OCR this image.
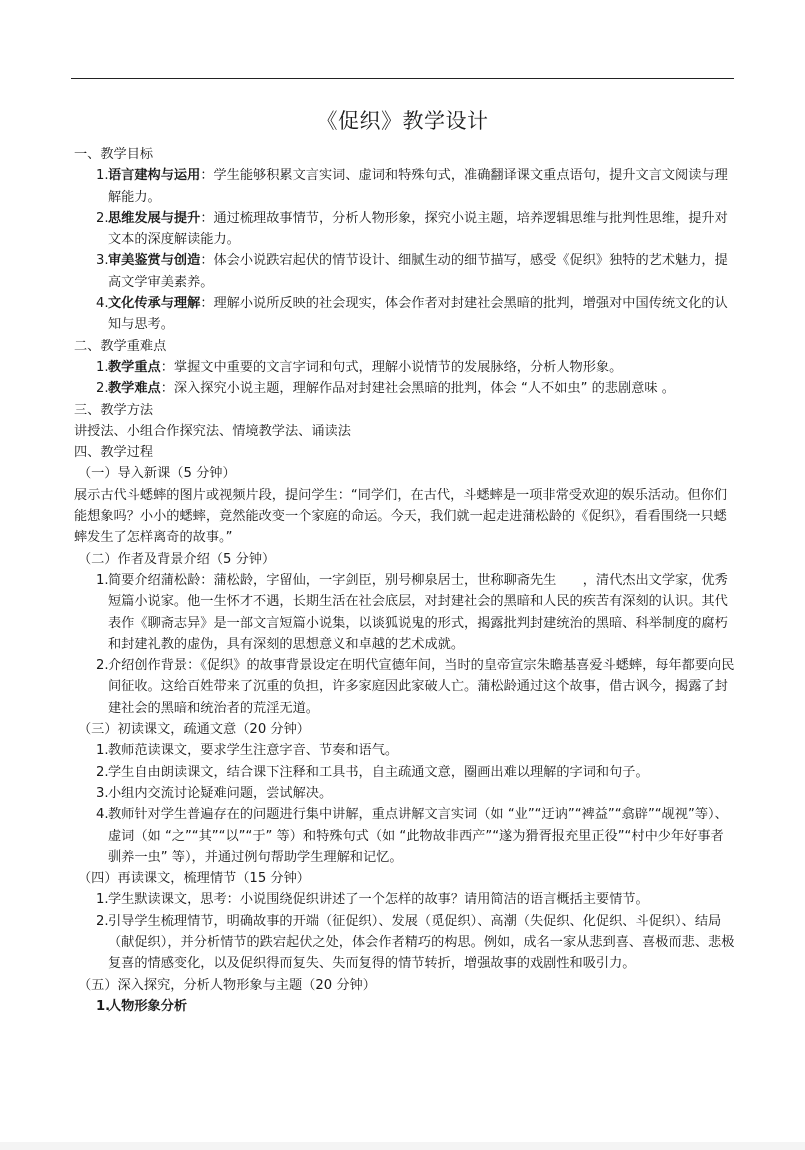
《促织》教学设计

一、教学目标

1. 语言建构与运用：学生能够积累文言实词、虚词和特殊句式，准确翻译课文重点语句，提升文言文阅读与理解能力。

2. 思维发展与提升：通过梳理故事情节，分析人物形象，探究小说主题，培养逻辑思维与批判性思维，提升对文本的深度解读能力。

3. 审美鉴赏与创造：体会小说跌宕起伏的情节设计、细腻生动的细节描写，感受《促织》独特的艺术魅力，提高文学审美素养。

4. 文化传承与理解：理解小说所反映的社会现实，体会作者对封建社会黑暗的批判，增强对中国传统文化的认知与思考。

二、教学重难点

1. 教学重点：掌握文中重要的文言字词和句式，理解小说情节的发展脉络，分析人物形象。

2. 教学难点：深入探究小说主题，理解作品对封建社会黑暗的批判，体会 “人不如虫” 的悲剧意味 。

三、教学方法

讲授法、小组合作探究法、情境教学法、诵读法

四、教学过程

（一）导入新课（5 分钟）

展示古代斗蟋蟀的图片或视频片段，提问学生：“同学们，在古代，斗蟋蟀是一项非常受欢迎的娱乐活动。但你们能想象吗？小小的蟋蟀，竟然能改变一个家庭的命运。今天，我们就一起走进蒲松龄的《促织》，看看围绕一只蟋蟀发生了怎样离奇的故事。”

（二）作者及背景介绍（5 分钟）

1. 简要介绍蒲松龄：蒲松龄，字留仙，一字剑臣，别号柳泉居士，世称聊斋先生　　，清代杰出文学家，优秀短篇小说家。他一生怀才不遇，长期生活在社会底层，对封建社会的黑暗和人民的疾苦有深刻的认识。其代表作《聊斋志异》是一部文言短篇小说集，以谈狐说鬼的形式，揭露批判封建统治的黑暗、科举制度的腐朽和封建礼教的虚伪，具有深刻的思想意义和卓越的艺术成就。

2. 介绍创作背景：《促织》的故事背景设定在明代宣德年间，当时的皇帝宣宗朱瞻基喜爱斗蟋蟀，每年都要向民间征收。这给百姓带来了沉重的负担，许多家庭因此家破人亡。蒲松龄通过这个故事，借古讽今，揭露了封建社会的黑暗和统治者的荒淫无道。

（三）初读课文，疏通文意（20 分钟）

1. 教师范读课文，要求学生注意字音、节奏和语气。

2. 学生自由朗读课文，结合课下注释和工具书，自主疏通文意，圈画出难以理解的字词和句子。

3. 小组内交流讨论疑难问题，尝试解决。

4. 教师针对学生普遍存在的问题进行集中讲解，重点讲解文言实词（如 “业”“迂讷”“裨益”“翕辟”“觇视”等）、虚词（如 “之”“其”“以”“于” 等）和特殊句式（如 “此物故非西产”“遂为猾胥报充里正役”“村中少年好事者驯养一虫” 等），并通过例句帮助学生理解和记忆。

（四）再读课文，梳理情节（15 分钟）

1. 学生默读课文，思考：小说围绕促织讲述了一个怎样的故事？请用简洁的语言概括主要情节。

2. 引导学生梳理情节，明确故事的开端（征促织）、发展（觅促织）、高潮（失促织、化促织、斗促织）、结局（献促织），并分析情节的跌宕起伏之处，体会作者精巧的构思。例如，成名一家从悲到喜、喜极而悲、悲极复喜的情感变化，以及促织得而复失、失而复得的情节转折，增强故事的戏剧性和吸引力。

（五）深入探究，分析人物形象与主题（20 分钟）

1.
人物形象分析
